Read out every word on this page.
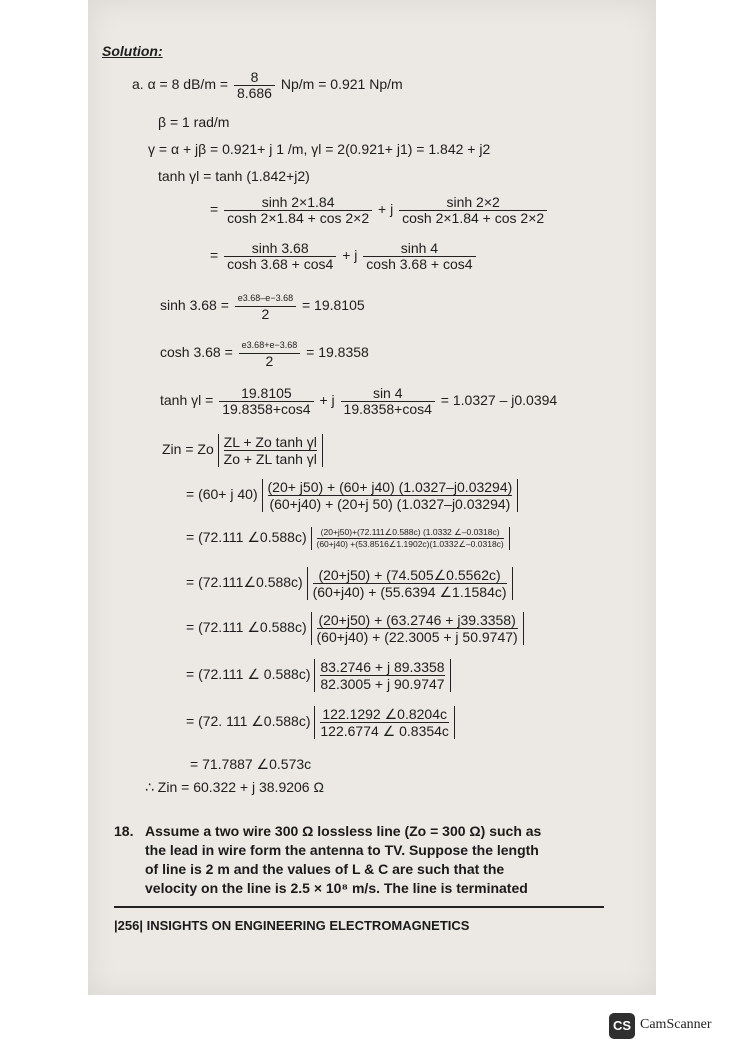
Solution:
a. α = 8 $dB/m = \frac{8}{8.686} Np/m = 0.921$ Np/m
β = 1 rad/m
γ = α + jβ = 0.921+ j 1 /m, γl = 2(0.921+ j1) = 1.842 + j2
tanh γl = tanh (1.842+j2)
= $\frac{\sinh 2\times 1.84}{\cosh 2\times 1.84 + \cos 2\times 2} + j \frac{\sinh 2\times 2}{\cosh 2\times 1.84 + \cos 2\times 2}$
= $\frac{\sinh 3.68}{\cosh 3.68 + \cos 4} + j \frac{\sinh 4}{\cosh 3.68 + \cos 4}$
sinh 3.68 = e3.68–e−3.68
2
= 19.8105
cosh 3.68 = e3.68+e−3.68
2
= 19.8358
$\tanh \gamma l = \frac{19.8105}{19.8358+\cos 4} + j \frac{\sin 4}{19.8358+\cos 4} = 1.0327 - j0.0394$
Zin = Zo $\frac{\text{ZL + Zo tanh γl}}{\text{Zo + ZL tanh γl}}$
= (60+ j $40) \frac{(20+ j50) + (60+ j40) (1.0327-j0.03294)}{(60+j40) + (20+j 50) (1.0327-j0.03294)}$
= (72.111 ∠0.588c) $\frac{(20+j50)+(72.111\angle 0.588c) (1.0332 \angle-0.0318c)}{(60+j40) +(53.8516\angle 1.1902c)(1.0332\angle-0.0318c)}$
= (72.111∠0.588c) $\frac{(20+j50) + (74.505\angle 0.5562c)}{(60+j40) + (55.6394 \angle 1.1584c)}$
= (72.111 ∠0.588c) $\frac{(20+j50) + (63.2746 + j39.3358)}{(60+j40) + (22.3005 + j 50.9747)}$
= (72.111 ∠ $0.588c) \frac{83.2746 + j 89.3358}{82.3005 + j 90.9747}$
= (72. 111 ∠0.588c) $\frac{122.1292 \angle 0.8204c}{122.6774 \angle 0.8354c}$
= 71.7887 ∠0.573c
∴ Zin = 60.322 + j 38.9206 Ω
18. Assume a two wire 300 Ω lossless line (Zo = 300 Ω) such as
the lead in wire form the antenna to TV. Suppose the length
of line is 2 m and the values of L & C are such that the
velocity on the line is 2.5 × 10⁸ m/s. The line is terminated
|256| INSIGHTS ON ENGINEERING ELECTROMAGNETICS
CS CamScanner
